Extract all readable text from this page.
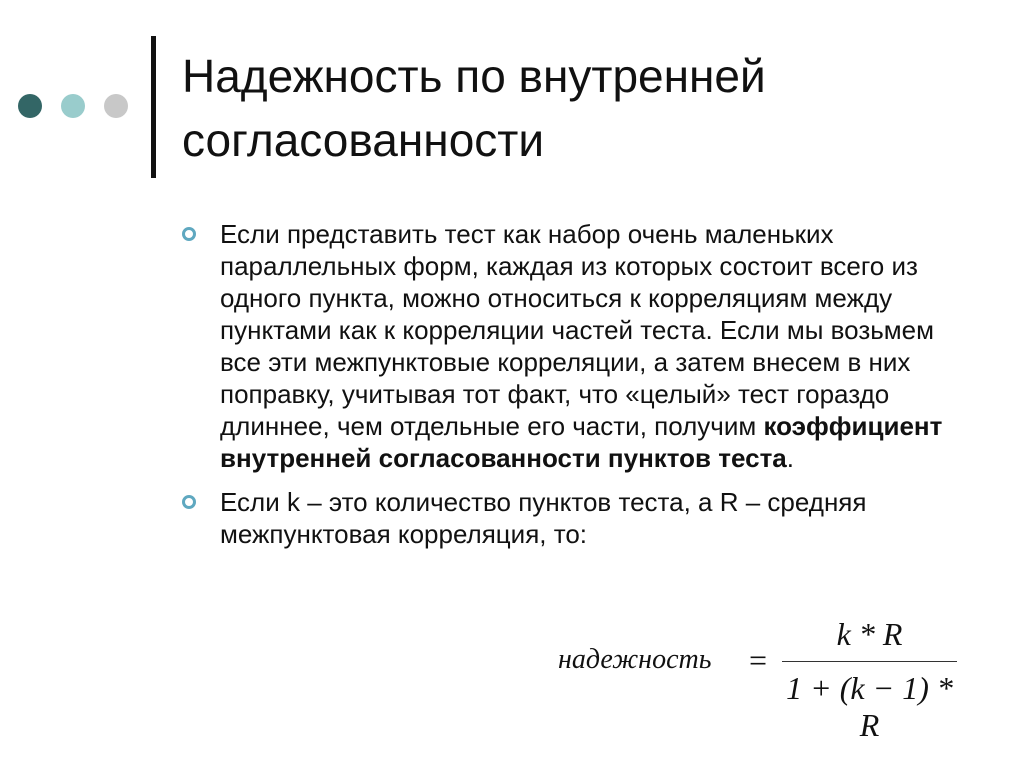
Надежность по внутренней
согласованности
Если представить тест как набор очень маленьких параллельных форм, каждая из которых состоит всего из одного пункта, можно относиться к корреляциям между пунктами как к корреляции частей теста. Если мы возьмем все эти межпунктовые корреляции, а затем внесем в них поправку, учитывая тот факт, что «целый» тест гораздо длиннее, чем отдельные его части, получим коэффициент внутренней согласованности пунктов теста.
Если k – это количество пунктов теста, а R – средняя межпунктовая корреляция, то:
надежность =
k * R
1 + (k − 1) * R
